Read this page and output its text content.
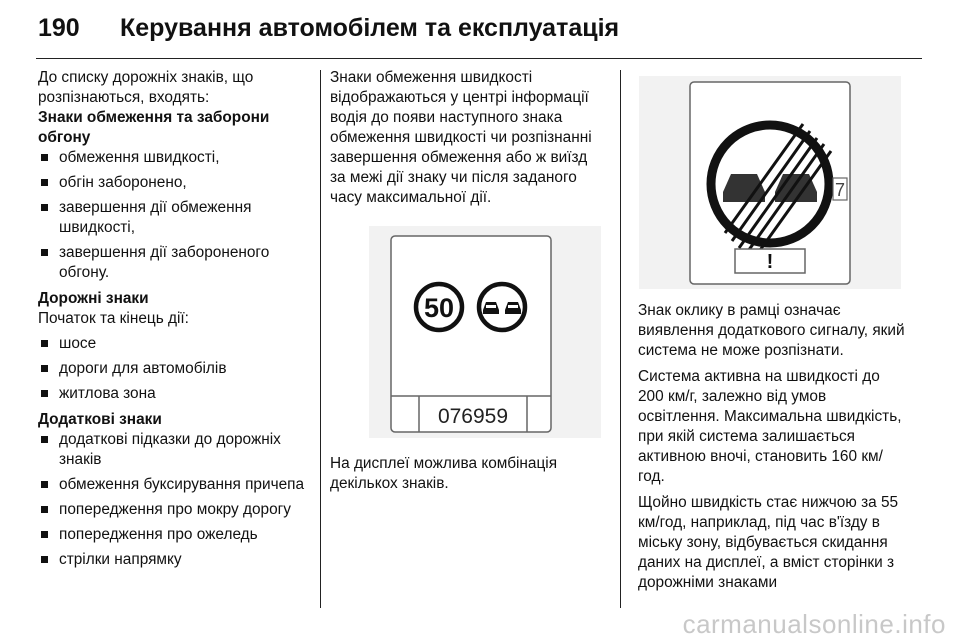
190	Керування автомобілем та експлуатація

До списку дорожніх знаків, що розпізнаються, входять:

Знаки обмеження та заборони обгону

обмеження швидкості,
обгін заборонено,
завершення дії обмеження швидкості,
завершення дії забороненого обгону.

Дорожні знаки

Початок та кінець дії:

шосе
дороги для автомобілів
житлова зона

Додаткові знаки

додаткові підказки до дорожніх знаків
обмеження буксирування причепа
попередження про мокру дорогу
попередження про ожеледь
стрілки напрямку

Знаки обмеження швидкості відображаються у центрі інформації водія до появи наступного знака обмеження швидкості чи розпізнанні завершення обмеження або ж виїзд за межі дії знаку чи після заданого часу максимальної дії.

50
076959
На дисплеї можлива комбінація декількох знаків.
7
!

Знак оклику в рамці означає виявлення додаткового сигналу, який система не може розпізнати.

Система активна на швидкості до 200 км/г, залежно від умов освітлення. Максимальна швидкість, при якій система залишається активною вночі, становить 160 км/год.

Щойно швидкість стає нижчою за 55 км/год, наприклад, під час в'їзду в міську зону, відбувається скидання даних на дисплеї, а вміст сторінки з дорожніми знаками

carmanualsonline.info
